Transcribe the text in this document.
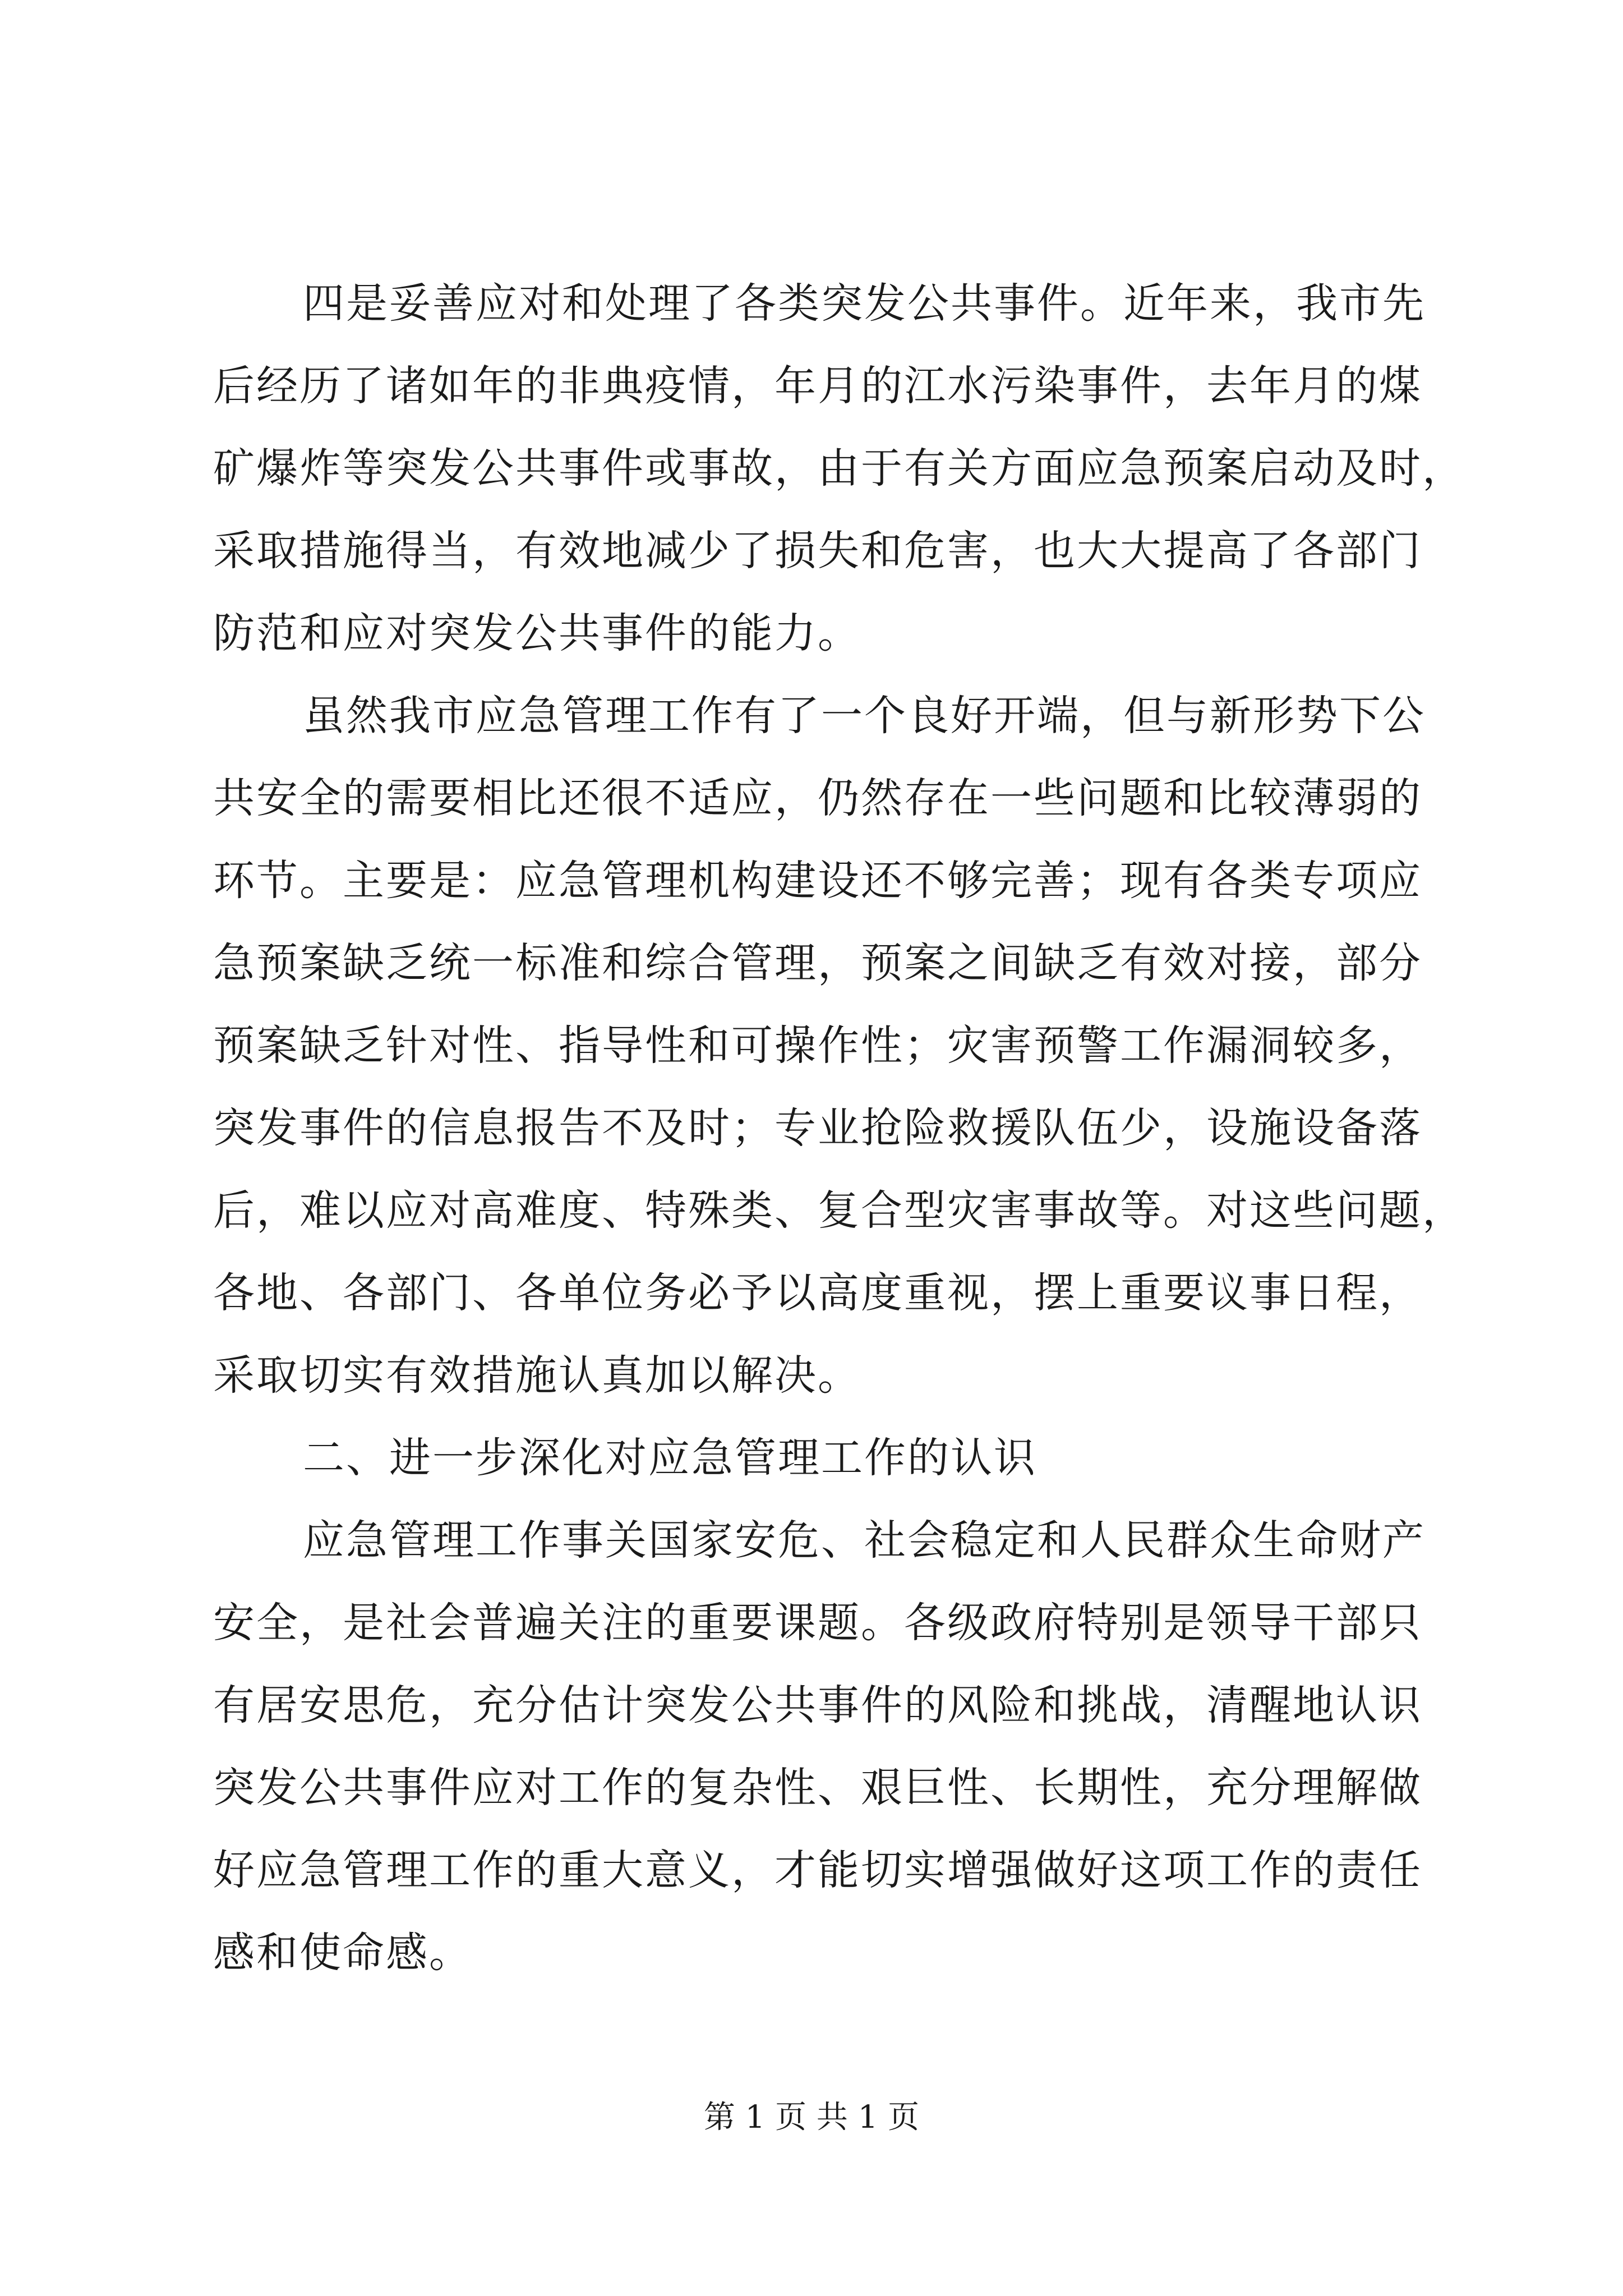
四是妥善应对和处理了各类突发公共事件。近年来，我市先
后经历了诸如年的非典疫情，年月的江水污染事件，去年月的煤
矿爆炸等突发公共事件或事故，由于有关方面应急预案启动及时，
采取措施得当，有效地减少了损失和危害，也大大提高了各部门
防范和应对突发公共事件的能力。
虽然我市应急管理工作有了一个良好开端，但与新形势下公
共安全的需要相比还很不适应，仍然存在一些问题和比较薄弱的
环节。主要是：应急管理机构建设还不够完善；现有各类专项应
急预案缺乏统一标准和综合管理，预案之间缺乏有效对接，部分
预案缺乏针对性、指导性和可操作性；灾害预警工作漏洞较多，
突发事件的信息报告不及时；专业抢险救援队伍少，设施设备落
后，难以应对高难度、特殊类、复合型灾害事故等。对这些问题，
各地、各部门、各单位务必予以高度重视，摆上重要议事日程，
采取切实有效措施认真加以解决。
二、进一步深化对应急管理工作的认识
应急管理工作事关国家安危、社会稳定和人民群众生命财产
安全，是社会普遍关注的重要课题。各级政府特别是领导干部只
有居安思危，充分估计突发公共事件的风险和挑战，清醒地认识
突发公共事件应对工作的复杂性、艰巨性、长期性，充分理解做
好应急管理工作的重大意义，才能切实增强做好这项工作的责任
感和使命感。
第 1 页 共 1 页
